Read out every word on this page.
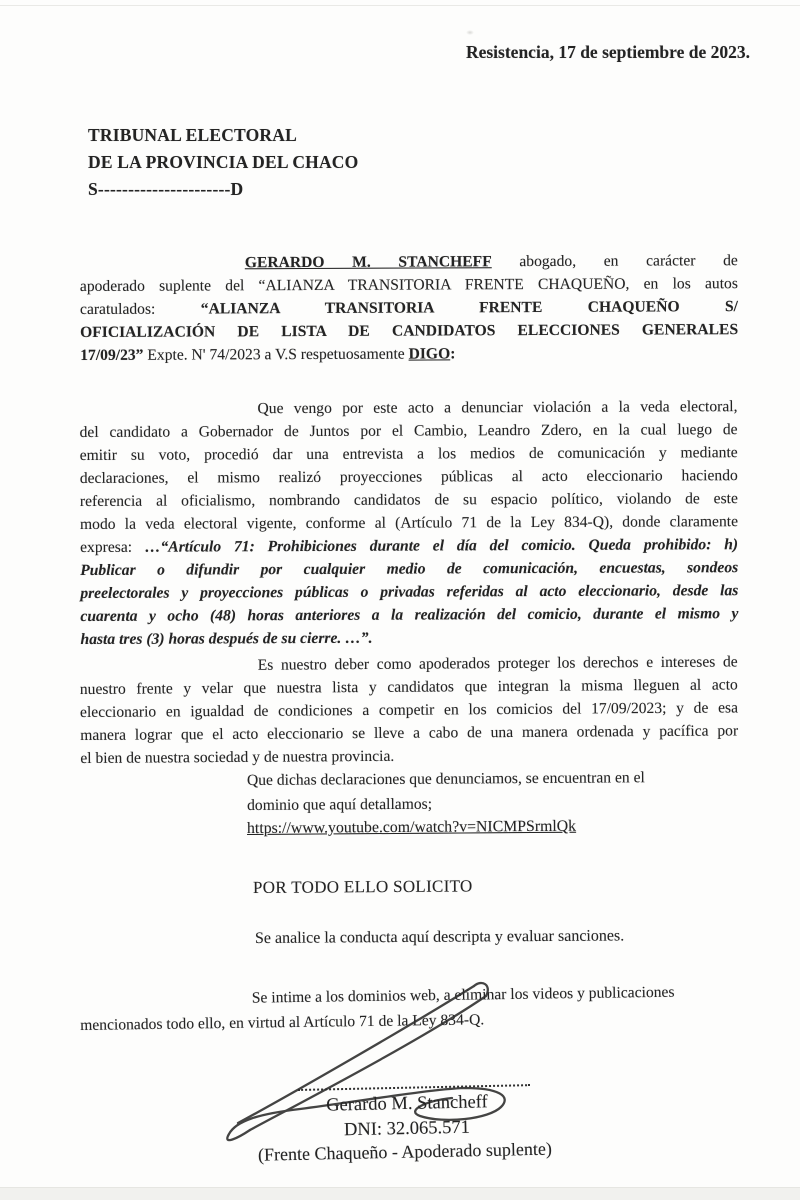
Resistencia, 17 de septiembre de 2023.
TRIBUNAL ELECTORAL
DE LA PROVINCIA DEL CHACO
S----------------------D
GERARDO M. STANCHEFF abogado, en carácter de
apoderado suplente del “ALIANZA TRANSITORIA FRENTE CHAQUEÑO, en los autos
caratulados: “ALIANZA TRANSITORIA FRENTE CHAQUEÑO S/
OFICIALIZACIÓN DE LISTA DE CANDIDATOS ELECCIONES GENERALES
17/09/23” Expte. N' 74/2023 a V.S respetuosamente DIGO:
Que vengo por este acto a denunciar violación a la veda electoral,
del candidato a Gobernador de Juntos por el Cambio, Leandro Zdero, en la cual luego de
emitir su voto, procedió dar una entrevista a los medios de comunicación y mediante
declaraciones, el mismo realizó proyecciones públicas al acto eleccionario haciendo
referencia al oficialismo, nombrando candidatos de su espacio político, violando de este
modo la veda electoral vigente, conforme al (Artículo 71 de la Ley 834-Q), donde claramente
expresa: …“Artículo 71: Prohibiciones durante el día del comicio. Queda prohibido: h)
Publicar o difundir por cualquier medio de comunicación, encuestas, sondeos
preelectorales y proyecciones públicas o privadas referidas al acto eleccionario, desde las
cuarenta y ocho (48) horas anteriores a la realización del comicio, durante el mismo y
hasta tres (3) horas después de su cierre. …”.
Es nuestro deber como apoderados proteger los derechos e intereses de
nuestro frente y velar que nuestra lista y candidatos que integran la misma lleguen al acto
eleccionario en igualdad de condiciones a competir en los comicios del 17/09/2023; y de esa
manera lograr que el acto eleccionario se lleve a cabo de una manera ordenada y pacífica por
el bien de nuestra sociedad y de nuestra provincia.
Que dichas declaraciones que denunciamos, se encuentran en el
dominio que aquí detallamos;
https://www.youtube.com/watch?v=NICMPSrmlQk
POR TODO ELLO SOLICITO
Se analice la conducta aquí descripta y evaluar sanciones.
Se intime a los dominios web, a eliminar los videos y publicaciones
mencionados todo ello, en virtud al Artículo 71 de la Ley 834-Q.
Gerardo M. Stancheff
DNI: 32.065.571
(Frente Chaqueño - Apoderado suplente)
